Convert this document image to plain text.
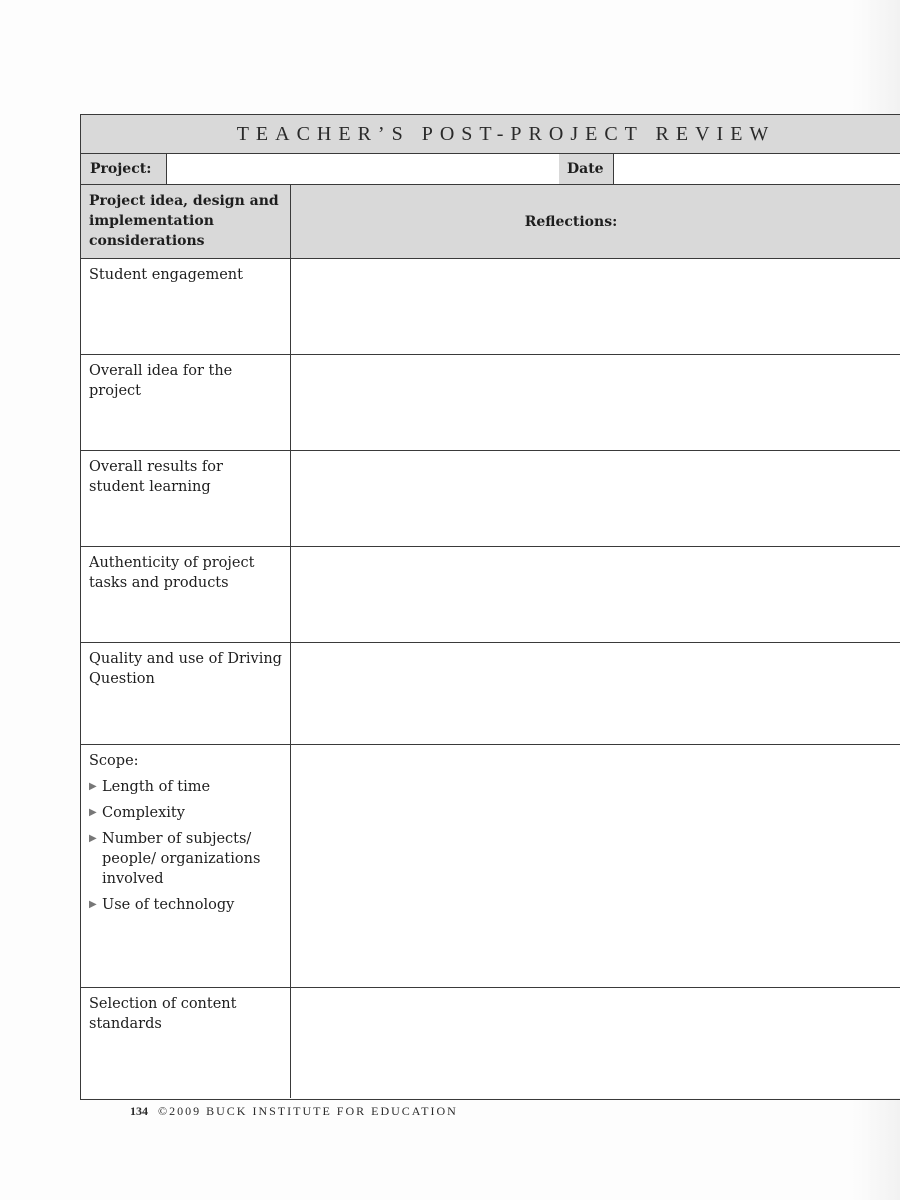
TEACHER’S POST-PROJECT REVIEW
Project:	Date
Project idea, design and implementation considerations
Reflections:
Student engagement
Overall idea for the project
Overall results for student learning
Authenticity of project tasks and products
Quality and use of Driving Question
Scope:
▶ Length of time
▶ Complexity
▶ Number of subjects/ people/ organizations involved
▶ Use of technology
Selection of content standards
134 ©2009 BUCK INSTITUTE FOR EDUCATION
